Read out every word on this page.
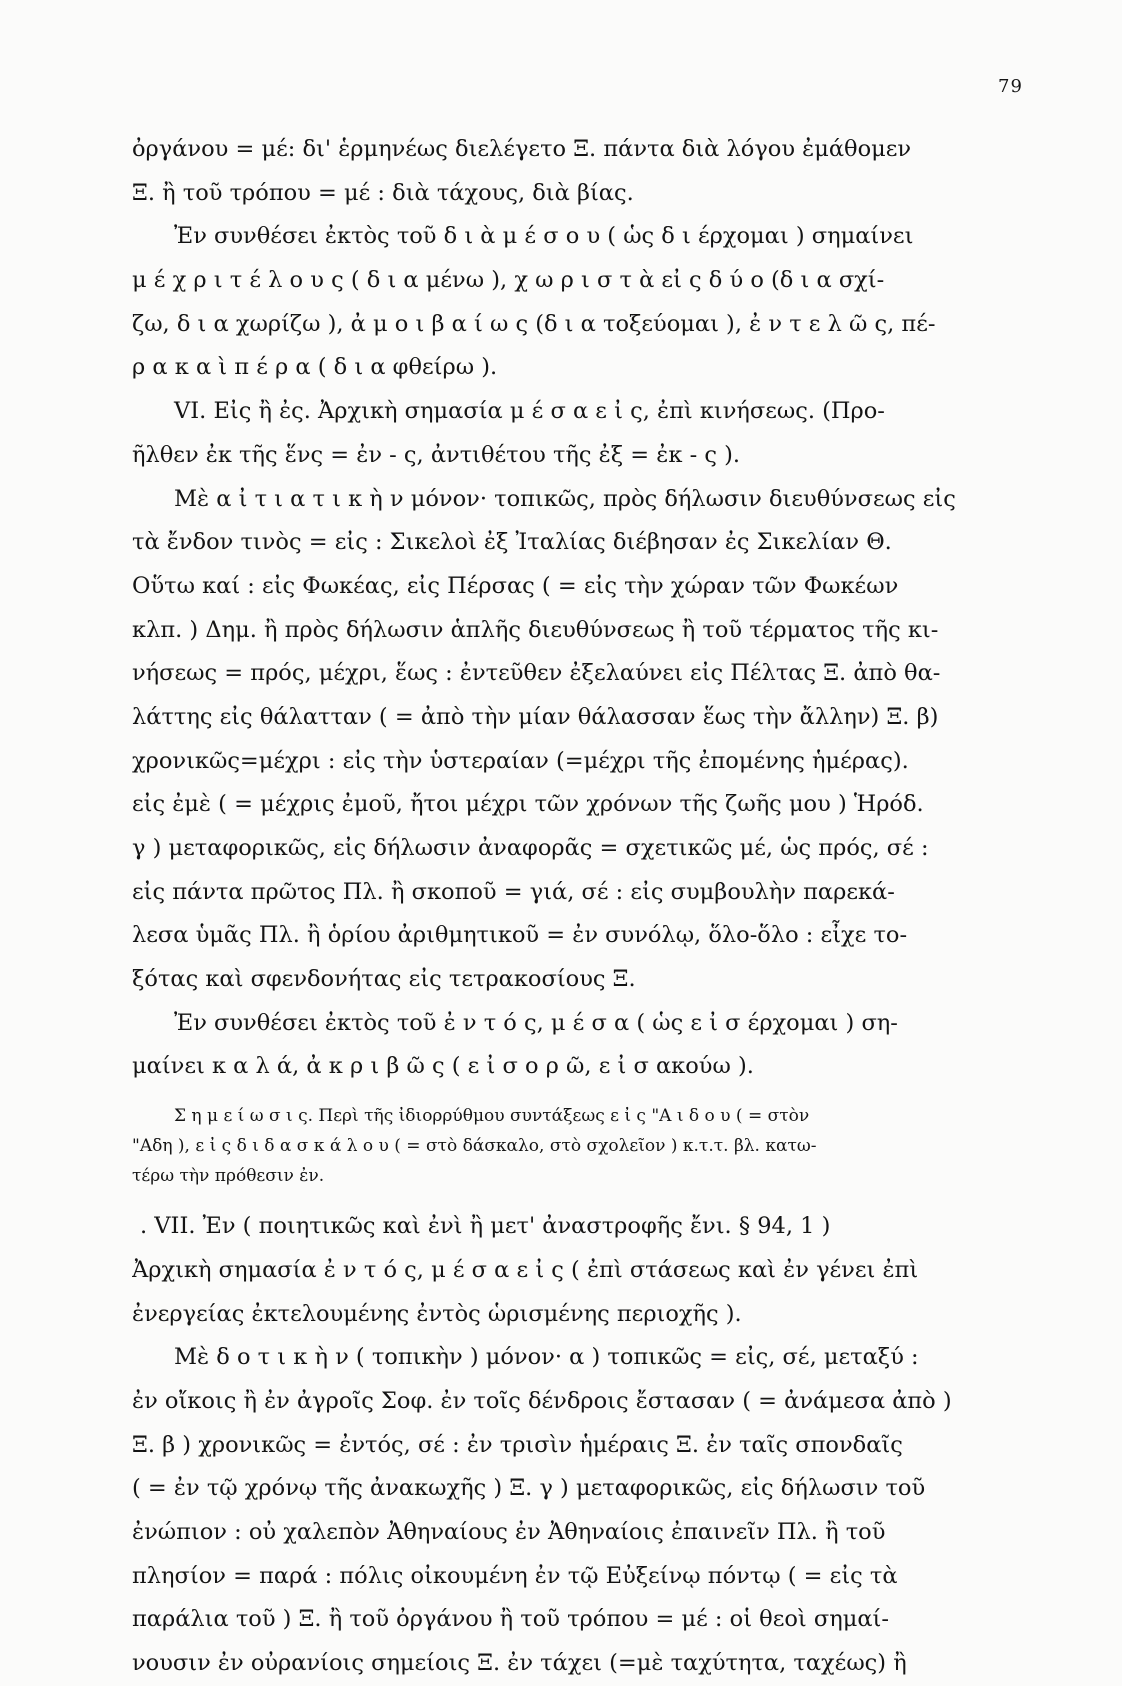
79
ὀργάνου = μέ: δι' ἑρμηνέως διελέγετο Ξ. πάντα διὰ λόγου ἐμάθομεν
Ξ. ἢ τοῦ τρόπου = μέ : διὰ τάχους, διὰ βίας.
Ἐν συνθέσει ἐκτὸς τοῦ δ ι ὰ μ έ σ ο υ ( ὡς δ ι έρχομαι ) σημαίνει
μ έ χ ρ ι τ έ λ ο υ ς ( δ ι α μένω ), χ ω ρ ι σ τ ὰ εἰ ς δ ύ ο (δ ι α σχί-
ζω, δ ι α χωρίζω ), ἀ μ ο ι β α ί ω ς (δ ι α τοξεύομαι ), ἐ ν τ ε λ ῶ ς, πέ-
ρ α κ α ὶ π έ ρ α ( δ ι α φθείρω ).
VI. Εἰς ἢ ἐς. Ἀρχικὴ σημασία μ έ σ α ε ἰ ς, ἐπὶ κινήσεως. (Προ-
ῆλθεν ἐκ τῆς ἕνς = ἐν - ς, ἀντιθέτου τῆς ἐξ = ἐκ - ς ).
Μὲ α ἰ τ ι α τ ι κ ὴ ν μόνον· τοπικῶς, πρὸς δήλωσιν διευθύνσεως εἰς
τὰ ἔνδον τινὸς = εἰς : Σικελοὶ ἐξ Ἰταλίας διέβησαν ἐς Σικελίαν Θ.
Οὕτω καί : εἰς Φωκέας, εἰς Πέρσας ( = εἰς τὴν χώραν τῶν Φωκέων
κλπ. ) Δημ. ἢ πρὸς δήλωσιν ἁπλῆς διευθύνσεως ἢ τοῦ τέρματος τῆς κι-
νήσεως = πρός, μέχρι, ἕως : ἐντεῦθεν ἐξελαύνει εἰς Πέλτας Ξ. ἀπὸ θα-
λάττης εἰς θάλατταν ( = ἀπὸ τὴν μίαν θάλασσαν ἕως τὴν ἄλλην) Ξ. β)
χρονικῶς=μέχρι : εἰς τὴν ὑστεραίαν (=μέχρι τῆς ἐπομένης ἡμέρας).
εἰς ἐμὲ ( = μέχρις ἐμοῦ, ἤτοι μέχρι τῶν χρόνων τῆς ζωῆς μου ) Ἡρόδ.
γ ) μεταφορικῶς, εἰς δήλωσιν ἀναφορᾶς = σχετικῶς μέ, ὡς πρός, σέ :
εἰς πάντα πρῶτος Πλ. ἢ σκοποῦ = γιά, σέ : εἰς συμβουλὴν παρεκά-
λεσα ὑμᾶς Πλ. ἢ ὁρίου ἀριθμητικοῦ = ἐν συνόλῳ, ὅλο-ὅλο : εἶχε το-
ξότας καὶ σφενδονήτας εἰς τετρακοσίους Ξ.
Ἐν συνθέσει ἐκτὸς τοῦ ἐ ν τ ό ς, μ έ σ α ( ὡς ε ἰ σ έρχομαι ) ση-
μαίνει κ α λ ά, ἀ κ ρ ι β ῶ ς ( ε ἰ σ ο ρ ῶ, ε ἰ σ ακούω ).
Σ η μ ε ί ω σ ι ς. Περὶ τῆς ἰδιορρύθμου συντάξεως ε ἰ ς "Α ι δ ο υ ( = στὸν
"Αδη ), ε ἰ ς δ ι δ α σ κ ά λ ο υ ( = στὸ δάσκαλο, στὸ σχολεῖον ) κ.τ.τ. βλ. κατω-
τέρω τὴν πρόθεσιν ἐν.
. VII. Ἐν ( ποιητικῶς καὶ ἐνὶ ἢ μετ' ἀναστροφῆς ἔνι. § 94, 1 )
Ἀρχικὴ σημασία ἐ ν τ ό ς, μ έ σ α ε ἰ ς ( ἐπὶ στάσεως καὶ ἐν γένει ἐπὶ
ἐνεργείας ἐκτελουμένης ἐντὸς ὡρισμένης περιοχῆς ).
Μὲ δ ο τ ι κ ὴ ν ( τοπικὴν ) μόνον· α ) τοπικῶς = εἰς, σέ, μεταξύ :
ἐν οἴκοις ἢ ἐν ἀγροῖς Σοφ. ἐν τοῖς δένδροις ἔστασαν ( = ἀνάμεσα ἀπὸ )
Ξ. β ) χρονικῶς = ἐντός, σέ : ἐν τρισὶν ἡμέραις Ξ. ἐν ταῖς σπονδαῖς
( = ἐν τῷ χρόνῳ τῆς ἀνακωχῆς ) Ξ. γ ) μεταφορικῶς, εἰς δήλωσιν τοῦ
ἐνώπιον : οὐ χαλεπὸν Ἀθηναίους ἐν Ἀθηναίοις ἐπαινεῖν Πλ. ἢ τοῦ
πλησίον = παρά : πόλις οἰκουμένη ἐν τῷ Εὐξείνῳ πόντῳ ( = εἰς τὰ
παράλια τοῦ ) Ξ. ἢ τοῦ ὀργάνου ἢ τοῦ τρόπου = μέ : οἱ θεοὶ σημαί-
νουσιν ἐν οὐρανίοις σημείοις Ξ. ἐν τάχει (=μὲ ταχύτητα, ταχέως) ἢ
